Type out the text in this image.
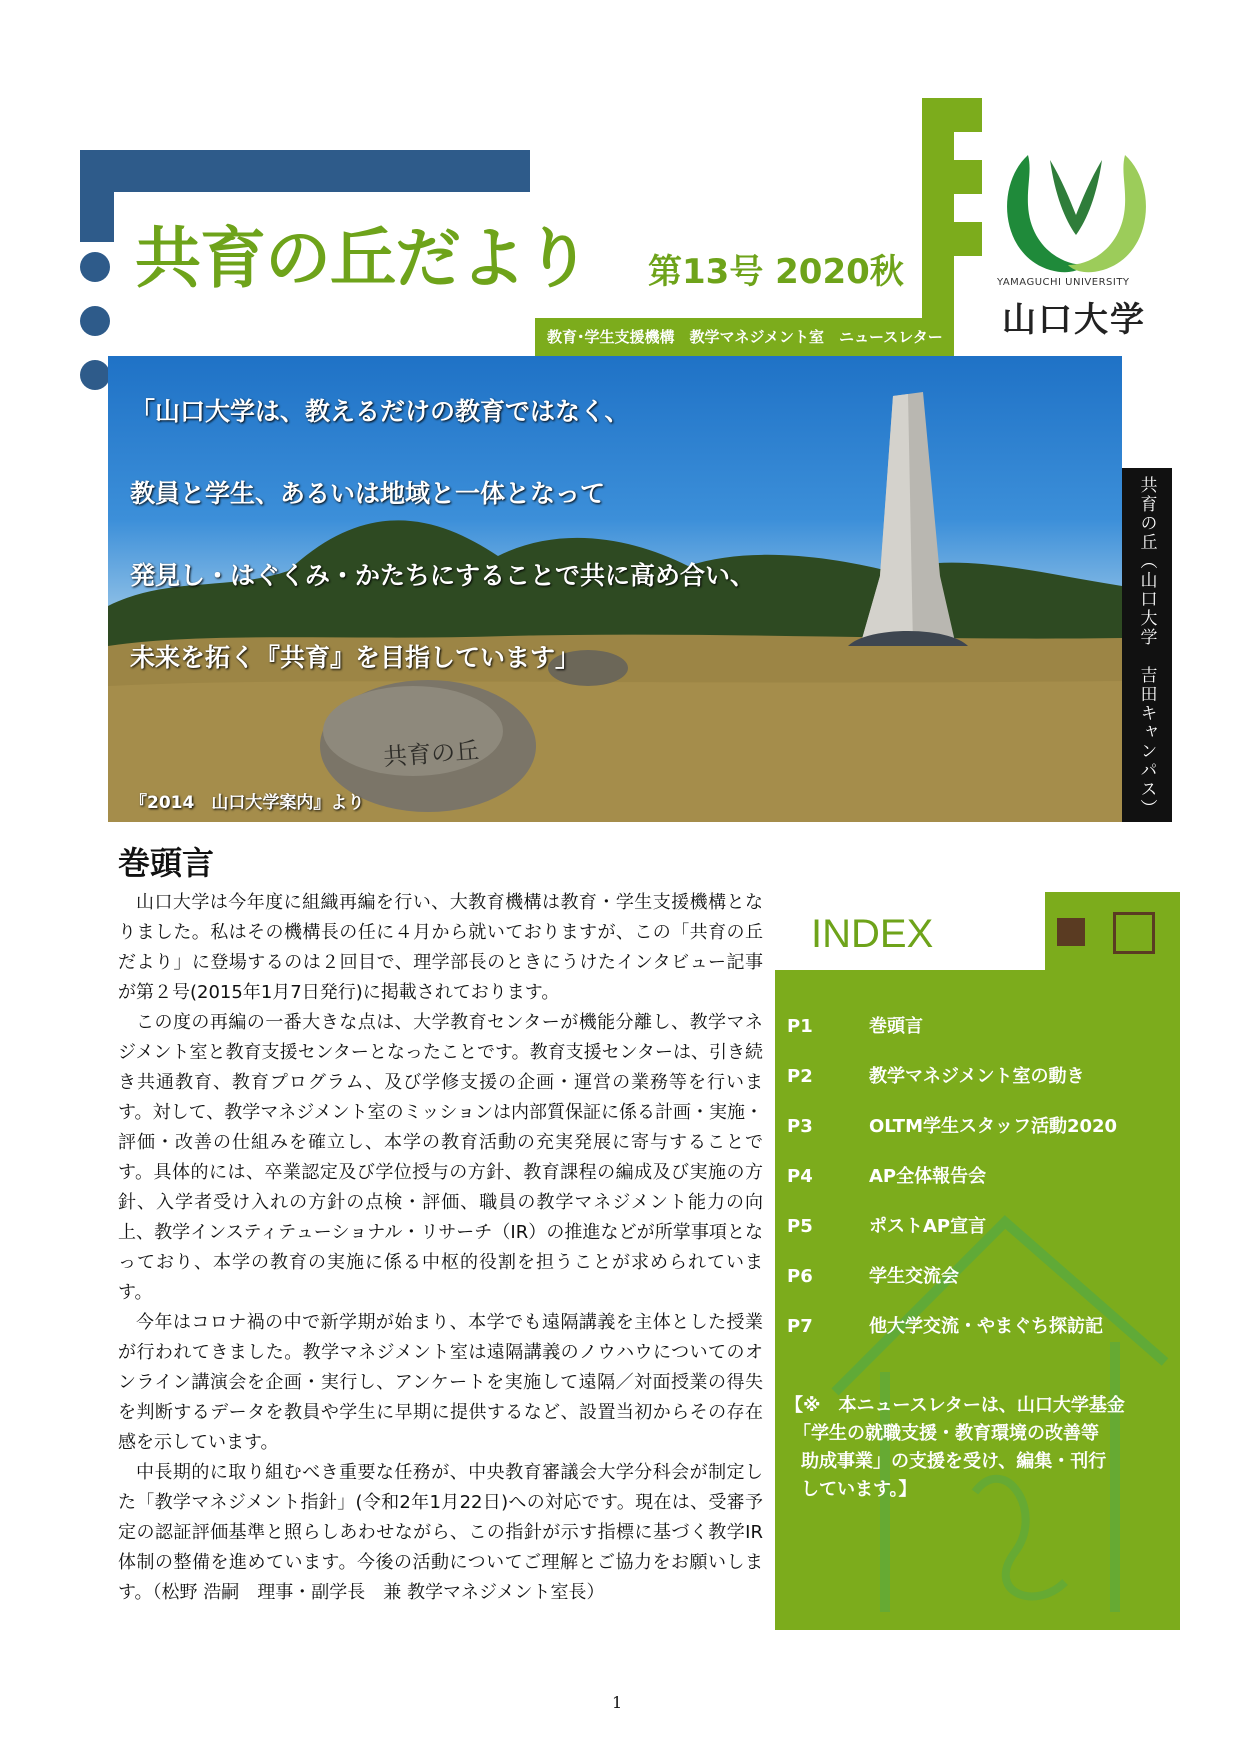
教育･学生支援機構　教学マネジメント室　ニュースレター
共育の丘だより 第13号 2020秋	YAMAGUCHI UNIVERSITY
山口大学
「山口大学は、教えるだけの教育ではなく、
教員と学生、あるいは地域と一体となって
発見し・はぐくみ・かたちにすることで共に高め合い、
未来を拓く『共育』を目指しています」
共育の丘
『2014　山口大学案内』より	共育の丘（山口大学　吉田キャンパス）
巻頭言

山口大学は今年度に組織再編を行い、大教育機構は教育・学生支援機構となりました。私はその機構長の任に４月から就いておりますが、この「共育の丘だより」に登場するのは２回目で、理学部長のときにうけたインタビュー記事が第２号(2015年1月7日発行)に掲載されております。

この度の再編の一番大きな点は、大学教育センターが機能分離し、教学マネジメント室と教育支援センターとなったことです。教育支援センターは、引き続き共通教育、教育プログラム、及び学修支援の企画・運営の業務等を行います。対して、教学マネジメント室のミッションは内部質保証に係る計画・実施・評価・改善の仕組みを確立し、本学の教育活動の充実発展に寄与することです。具体的には、卒業認定及び学位授与の方針、教育課程の編成及び実施の方針、入学者受け入れの方針の点検・評価、職員の教学マネジメント能力の向上、教学インスティテューショナル・リサーチ（IR）の推進などが所掌事項となっており、本学の教育の実施に係る中枢的役割を担うことが求められています。

今年はコロナ禍の中で新学期が始まり、本学でも遠隔講義を主体とした授業が行われてきました。教学マネジメント室は遠隔講義のノウハウについてのオンライン講演会を企画・実行し、アンケートを実施して遠隔／対面授業の得失を判断するデータを教員や学生に早期に提供するなど、設置当初からその存在感を示しています。

中長期的に取り組むべき重要な任務が、中央教育審議会大学分科会が制定した「教学マネジメント指針」(令和2年1月22日)への対応です。現在は、受審予定の認証評価基準と照らしあわせながら、この指針が示す指標に基づく教学IR体制の整備を進めています。今後の活動についてご理解とご協力をお願いします。（松野 浩嗣　理事・副学長　兼 教学マネジメント室長）

1
INDEX
P1	巻頭言
P2	教学マネジメント室の動き
P3	OLTM学生スタッフ活動2020
P4	AP全体報告会
P5	ポストAP宣言
P6	学生交流会
P7	他大学交流・やまぐち探訪記
【※　本ニュースレターは、山口大学基金
「学生の就職支援・教育環境の改善等
助成事業」の支援を受け、編集・刊行
しています。】
